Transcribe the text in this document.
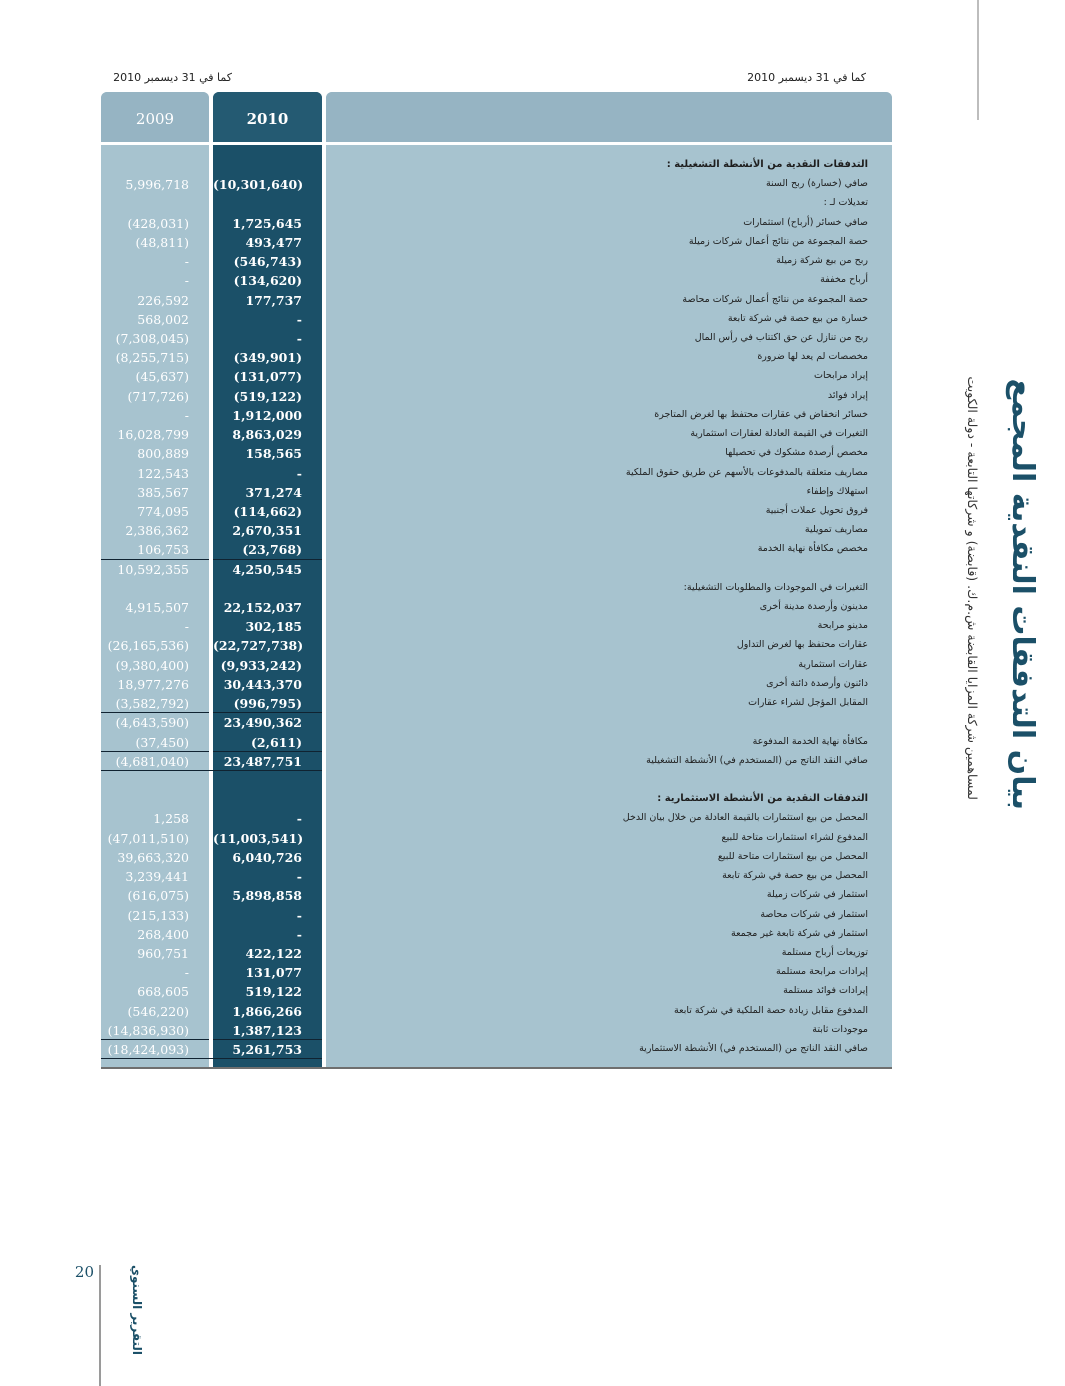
كما في 31 ديسمبر 2010
كما في 31 ديسمبر 2010
2009	2010
التدفقات النقدية من الأنشطة التشغيلية :
5,996,718 (10,301,640)	صافي (خسارة) ربح السنة
تعديلات لـ :
(428,031)	1,725,645	صافي خسائر (أرباح) استثمارات
(48,811)	493,477	حصة المجموعة من نتائج أعمال شركات زميلة
-	(546,743)	ربح من بيع شركة زميلة
-	(134,620)	أرباح مخففة
226,592	177,737	حصة المجموعة من نتائج أعمال شركات محاصة
568,002	-	خسارة من بيع حصة في شركة تابعة
(7,308,045)	-	ربح من تنازل عن حق اكتتاب في رأس المال
(8,255,715)	(349,901)	مخصصات لم يعد لها ضرورة
(45,637)	(131,077)	إيراد مرابحات
(717,726)	(519,122)	إيراد فوائد
-	1,912,000	خسائر انخفاض في عقارات محتفظ بها لغرض المتاجرة
16,028,799	8,863,029	التغيرات في القيمة العادلة لعقارات استثمارية
800,889	158,565	مخصص أرصدة مشكوك في تحصيلها
122,543	-	مصاريف متعلقة بالمدفوعات بالأسهم عن طريق حقوق الملكية
385,567	371,274	استهلاك وإطفاء
774,095	(114,662)	فروق تحويل عملات أجنبية
2,386,362	2,670,351	مصاريف تمويلية
106,753	(23,768)	مخصص مكافأة نهاية الخدمة
10,592,355	4,250,545
التغيرات في الموجودات والمطلوبات التشغيلية:
4,915,507	22,152,037	مدينون وأرصدة مدينة أخرى
-	302,185	مدينو مرابحة
(26,165,536) (22,727,738)	عقارات محتفظ بها لغرض التداول
(9,380,400)	(9,933,242)	عقارات استثمارية
18,977,276	30,443,370	دائنون وأرصدة دائنة أخرى
(3,582,792)	(996,795)	المقابل المؤجل لشراء عقارات
(4,643,590)	23,490,362
(37,450)	(2,611)	مكافأة نهاية الخدمة المدفوعة
(4,681,040)	23,487,751	صافي النقد الناتج من (المستخدم في) الأنشطة التشغيلية
التدفقات النقدية من الأنشطة الاستثمارية :
1,258	-	المحصل من بيع استثمارات بالقيمة العادلة من خلال بيان الدخل
(47,011,510) (11,003,541)	المدفوع لشراء استثمارات متاحة للبيع
39,663,320	6,040,726	المحصل من بيع استثمارات متاحة للبيع
3,239,441	-	المحصل من بيع حصة في شركة تابعة
(616,075)	5,898,858	استثمار في شركات زميلة
(215,133)	-	استثمار في شركات محاصة
268,400	-	استثمار في شركة تابعة غير مجمعة
960,751	422,122	توزيعات أرباح مستلمة
-	131,077	إيرادات مرابحة مستلمة
668,605	519,122	إيرادات فوائد مستلمة
(546,220)	1,866,266	المدفوع مقابل زيادة حصة الملكية في شركة تابعة
(14,836,930)	1,387,123	موجودات ثابتة
(18,424,093)	5,261,753	صافي النقد الناتج من (المستخدم في) الأنشطة الاستثمارية
بيان التدفقات النقدية المجمع
لمساهمين شركة المزايا القابضة ش.م.ك. (قابضة) و شركاتها التابعة - دولة الكويت
20	التقرير السنوي
